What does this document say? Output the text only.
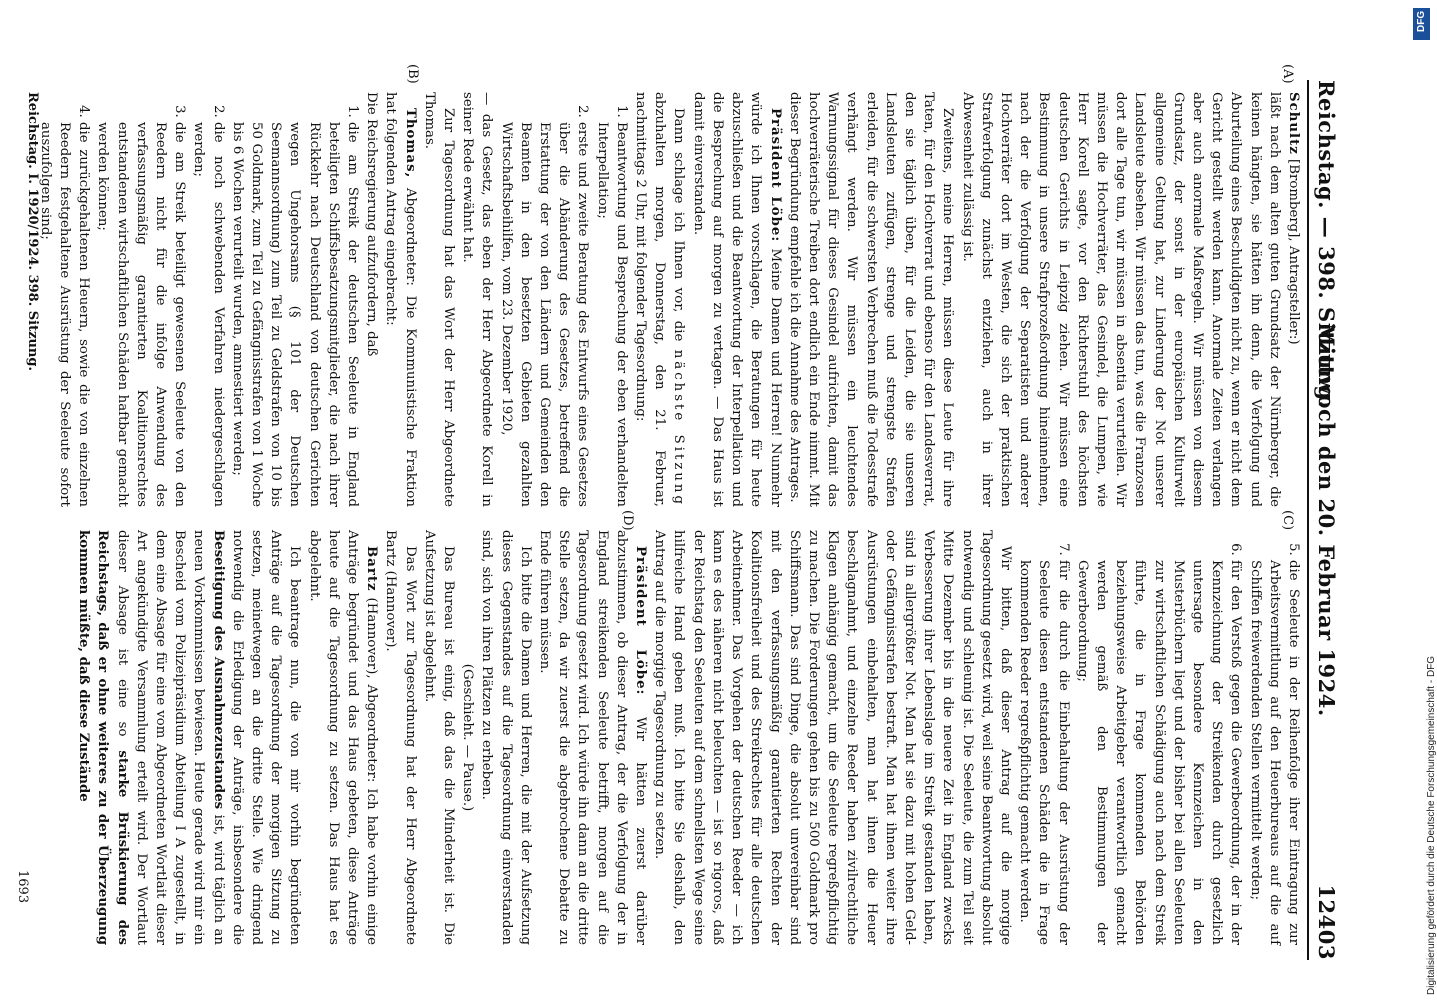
Reichstag. — 398. Sitzung.
Mittwoch den 20. Februar 1924.
12403
(A)
(B)
(C)
(D)

Schultz [Bromberg], Antragsteller:)

läßt nach dem alten guten Grundsatz der Nürnberger, die keinen hängten, sie hätten ihn denn, die Verfolgung und Aburteilung eines Beschuldigten nicht zu, wenn er nicht dem Gericht gestellt werden kann. Anormale Zeiten verlangen aber auch anormale Maßregeln. Wir müssen von diesem Grundsatz, der sonst in der europäischen Kulturwelt allgemeine Geltung hat, zur Linderung der Not unserer Landsleute absehen. Wir müssen das tun, was die Franzosen dort alle Tage tun, wir müssen in absentia verurteilen. Wir müssen die Hochverräter, das Gesindel, die Lumpen, wie Herr Korell sagte, vor den Richterstuhl des höchsten deutschen Gerichts in Leipzig ziehen. Wir müssen eine Bestimmung in unsere Strafprozeßordnung hineinnehmen, nach der die Verfolgung der Separatisten und anderer Hochverräter dort im Westen, die sich der praktischen Strafverfolgung zunächst entziehen, auch in ihrer Abwesenheit zulässig ist.

Zweitens, meine Herren, müssen diese Leute für ihre Taten, für den Hochverrat und ebenso für den Landesverrat, den sie täglich üben, für die Leiden, die sie unseren Landsleuten zufügen, strenge und strengste Strafen erleiden, für die schwersten Verbrechen muß die Todesstrafe verhängt werden. Wir müssen ein leuchtendes Warnungssignal für dieses Gesindel aufrichten, damit das hochverräterische Treiben dort endlich ein Ende nimmt. Mit dieser Begründung empfehle ich die Annahme des Antrages.

Präsident Löbe: Meine Damen und Herren! Nunmehr würde ich Ihnen vorschlagen, die Beratungen für heute abzuschließen und die Beantwortung der Interpellation und die Besprechung auf morgen zu vertagen. — Das Haus ist damit einverstanden.

Dann schlage ich Ihnen vor, die nächste Sitzung abzuhalten morgen, Donnerstag, den 21. Februar, nachmittags 2 Uhr, mit folgender Tagesordnung:

1. Beantwortung und Besprechung der eben verhandelten Interpellation;
2. erste und zweite Beratung des Entwurfs eines Gesetzes über die Abänderung des Gesetzes, betreffend die Erstattung der von den Ländern und Gemeinden den Beamten in den besetzten Gebieten gezahlten Wirtschaftsbeihilfen, vom 23. Dezember 1920,

— das Gesetz, das eben der Herr Abgeordnete Korell in seiner Rede erwähnt hat.

Zur Tagesordnung hat das Wort der Herr Abgeordnete Thomas.

Thomas, Abgeordneter: Die Kommunistische Fraktion hat folgenden Antrag eingebracht:

Die Reichsregierung aufzufordern, daß

1. die am Streik der deutschen Seeleute in England beteiligten Schiffsbesatzungsmitglieder, die nach ihrer Rückkehr nach Deutschland von deutschen Gerichten wegen Ungehorsams (§ 101 der Deutschen Seemannsordnung) zum Teil zu Geldstrafen von 10 bis 50 Goldmark, zum Teil zu Gefängnisstrafen von 1 Woche bis 6 Wochen verurteilt wurden, amnestiert werden;
2. die noch schwebenden Verfahren niedergeschlagen werden;
3. die am Streik beteiligt gewesenen Seeleute von den Reedern nicht für die infolge Anwendung des verfassungsmäßig garantierten Koalitionsrechtes entstandenen wirtschaftlichen Schäden haftbar gemacht werden können;
4. die zurückgehaltenen Heuern, sowie die von einzelnen Reedern festgehaltene Ausrüstung der Seeleute sofort auszufolgen sind;
5. die Seeleute in der Reihenfolge ihrer Eintragung zur Arbeitsvermittlung auf den Heuerbureaus auf die auf Schiffen freiwerdenden Stellen vermittelt werden;
6. für den Verstoß gegen die Gewerbeordnung, der in der Kennzeichnung der Streikenden durch gesetzlich untersagte besondere Kennzeichen in den Musterbüchern liegt und der bisher bei allen Seeleuten zur wirtschaftlichen Schädigung auch nach dem Streik führte, die in Frage kommenden Behörden beziehungsweise Arbeitgeber verantwortlich gemacht werden gemäß den Bestimmungen der Gewerbeordnung;
7. für die durch die Einbehaltung der Ausrüstung der Seeleute diesen entstandenen Schäden die in Frage kommenden Reeder regreßpflichtig gemacht werden.

Wir bitten, daß dieser Antrag auf die morgige Tagesordnung gesetzt wird, weil seine Beantwortung absolut notwendig und schleunig ist. Die Seeleute, die zum Teil seit Mitte Dezember bis in die neuere Zeit in England zwecks Verbesserung ihrer Lebenslage im Streik gestanden haben, sind in allergrößter Not. Man hat sie dazu mit hohen Geld- oder Gefängnisstrafen bestraft. Man hat ihnen weiter ihre Ausrüstungen einbehalten, man hat ihnen die Heuer beschlagnahmt, und einzelne Reeder haben zivilrechtliche Klagen anhängig gemacht, um die Seeleute regreßpflichtig zu machen. Die Forderungen gehen bis zu 500 Goldmark pro Schiffsmann. Das sind Dinge, die absolut unvereinbar sind mit den verfassungsmäßig garantierten Rechten der Koalitionsfreiheit und des Streikrechtes für alle deutschen Arbeitnehmer. Das Vorgehen der deutschen Reeder — ich kann es des näheren nicht beleuchten — ist so rigoros, daß der Reichstag den Seeleuten auf dem schnellsten Wege seine hilfreiche Hand geben muß. Ich bitte Sie deshalb, den Antrag auf die morgige Tagesordnung zu setzen.

Präsident Löbe: Wir hätten zuerst darüber abzustimmen, ob dieser Antrag, der die Verfolgung der in England streikenden Seeleute betrifft, morgen auf die Tagesordnung gesetzt wird. Ich würde ihn dann an die dritte Stelle setzen, da wir zuerst die abgebrochene Debatte zu Ende führen müssen.

Ich bitte die Damen und Herren, die mit der Aufsetzung dieses Gegenstandes auf die Tagesordnung einverstanden sind, sich von ihren Plätzen zu erheben.

(Geschieht. — Pause.)

Das Bureau ist einig, daß das die Minderheit ist. Die Aufsetzung ist abgelehnt.

Das Wort zur Tagesordnung hat der Herr Abgeordnete Bartz (Hannover).

Bartz (Hannover), Abgeordneter: Ich habe vorhin einige Anträge begründet und das Haus gebeten, diese Anträge heute auf die Tagesordnung zu setzen. Das Haus hat es abgelehnt.

Ich beantrage nun, die von mir vorhin begründeten Anträge auf die Tagesordnung der morgigen Sitzung zu setzen, meinetwegen an die dritte Stelle. Wie dringend notwendig die Erledigung der Anträge, insbesondere die Beseitigung des Ausnahmezustandes ist, wird täglich an neuen Vorkommnissen bewiesen. Heute gerade wird mir ein Bescheid vom Polizeipräsidium Abteilung I A zugestellt, in dem eine Absage für eine vom Abgeordneten Wortlait dieser Art angekündigte Versammlung erteilt wird. Der Wortlaut dieser Absage ist eine so starke Brüskierung des Reichstags, daß er ohne weiteres zu der Überzeugung kommen müßte, daß diese Zustände

Reichstag. I. 1920/1924. 398. Sitzung.
1693	Digitalisierung gefördert durch die Deutsche Forschungsgemeinschaft - DFG
DFG
